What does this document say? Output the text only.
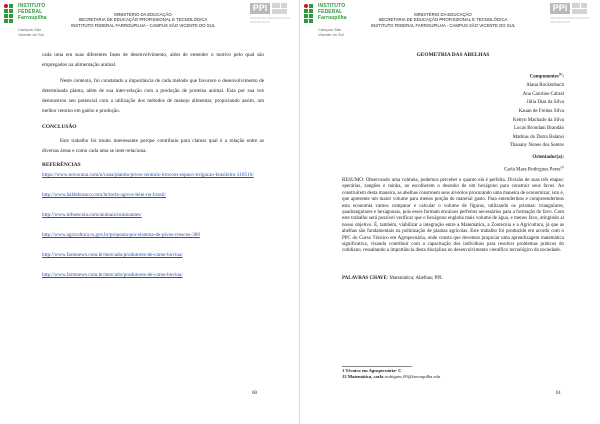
INSTITUTO
FEDERAL
Farroupilha
Campus São Vicente do Sul
MINISTÉRIO DA EDUCAÇÃO
SECRETARIA DE EDUCAÇÃO PROFISSIONAL E TECNOLÓGICA
INSTITUTO FEDERAL FARROUPILHA - CAMPUS SÃO VICENTE DO SUL
PPI
PROJETOS PEDAGÓGICOS INTEGRADOS

cada uma em suas diferentes fases de desenvolvimento, além de entender o motivo pelo qual são empregados na alimentação animal.

Neste contexto, foi constatado a importância de cada método que favorece o desenvolvimento de determinada planta, além de sua inter-relação com a produção de proteína animal. Esta por sua vez demonstrou seu potencial com a utilização dos métodos de manejo alimentar, propiciando assim, um melhor retorno em ganho e produção.

CONCLUSÃO

Este trabalho foi muito interessante porque contribuiu para clarear qual é a relação entre as diversas áreas e como cada uma se inter-relaciona.

REFERÊNCIAS

https://www.novacana.com/n/cana/plantio/pivos-centrais-irrocom-espaco-irrigacao-brasileira-310516/
http://www.baldebranco.com.br/torta-agro-e-leite-no-brasil/
http://www.infoescola.com/animais/ruminantes/
http://www.agricultura.rs.gov.br/proposta-por-sistema-de-pivos-cresceu-300
http://www.farmnews.com.br/mercado/produtores-de-carne-bovina/
http://www.farmnews.com.br/mercado/produtores-de-carne-bovina/
60
INSTITUTO
FEDERAL
Farroupilha
Campus São Vicente do Sul
MINISTÉRIO DA EDUCAÇÃO
SECRETARIA DE EDUCAÇÃO PROFISSIONAL E TECNOLÓGICA
INSTITUTO FEDERAL FARROUPILHA - CAMPUS SÃO VICENTE DO SUL
PPI
PROJETOS PEDAGÓGICOS INTEGRADOS
GEOMETRIA DAS ABELHAS
Componentes$^{(1)}$:
Alana Rockenbach
Ana Caroline Cabral
Júlia Dias da Silva
Kauan de Freitas Silva
Kettyn Machado da Silva
Lucas Brondani Brandão
Mathias do Dutra Balansi
Thauany Nunes dos Santos
Orientador(a):
Carla Mara Rodrigues Peres$^{(2)}$
RESUMO: Observando uma colmeia, podemos perceber o quanto ela é perfeita. Divisão de suas três etapas: operárias, zangões e rainha, ao escolherem o desenho de um hexágono para construir seus favos. Ao construírem desta maneira, as abelhas constroem seus alvéolos procurando uma maneira de economizar, isto é, que apresente um maior volume para menos porção de material gasto. Para entendermos e compreendermos esta economia vamos comparar e calcular o volume de figuras, utilizando os prismas: triangulares, quadrangulares e hexagonais, pois esses formam encaixes perfeitos necessários para a formação do favo. Com este trabalho será possível verificar que o hexágono engloba mais volume de água, e menos favo, atingindo al nosso objetivo. É, também, viabilizar a integração entre a Matemática, a Zootecnia e a Agricultura, já que as abelhas são fundamentais na polinização de plantas agrícolas. Este trabalho foi produzido em acordo com o PPC do Curso Técnico em Agropecuária, onde consta que devemos propiciar uma aprendizagem matemática significativa, visando contribuir com a capacitação dos indivíduos para resolver problemas práticos do cotidiano, ressaltando a importância desta disciplina no desenvolvimento científico tecnológico da sociedade.
PALAVRAS CHAVE: Matemática; Abelhas; PPI.
1 Técnico em Agropecuária- C
12 Matemática, carla rodrigues.09@farroupilha.edu
61
